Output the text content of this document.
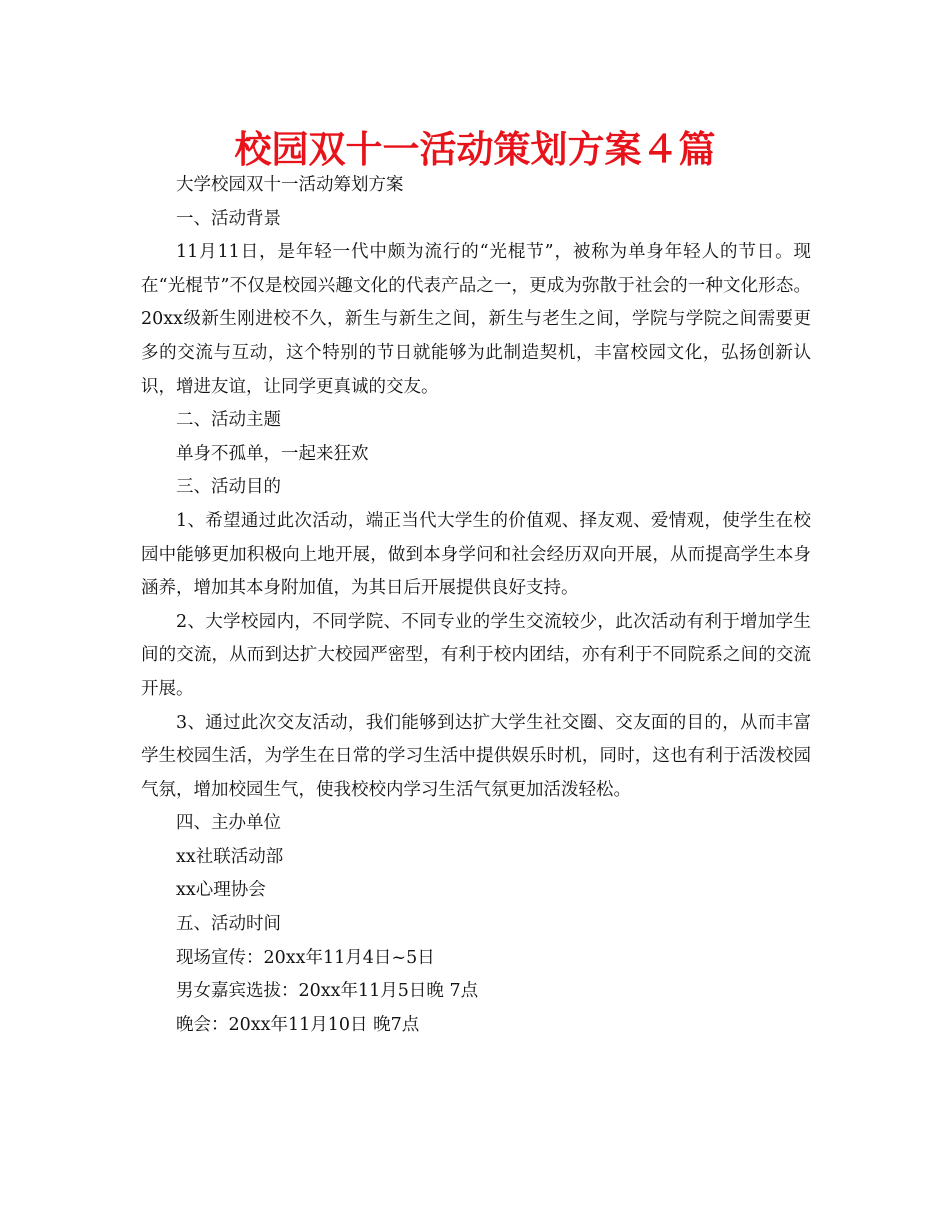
校园双十一活动策划方案４篇

大学校园双十一活动筹划方案

一、活动背景

11月11日，是年轻一代中颇为流行的“光棍节”，被称为单身年轻人的节日。现在“光棍节”不仅是校园兴趣文化的代表产品之一，更成为弥散于社会的一种文化形态。20xx级新生刚进校不久，新生与新生之间，新生与老生之间，学院与学院之间需要更多的交流与互动，这个特别的节日就能够为此制造契机，丰富校园文化，弘扬创新认识，增进友谊，让同学更真诚的交友。

二、活动主题

单身不孤单，一起来狂欢

三、活动目的

1、希望通过此次活动，端正当代大学生的价值观、择友观、爱情观，使学生在校园中能够更加积极向上地开展，做到本身学问和社会经历双向开展，从而提高学生本身涵养，增加其本身附加值，为其日后开展提供良好支持。

2、大学校园内，不同学院、不同专业的学生交流较少，此次活动有利于增加学生间的交流，从而到达扩大校园严密型，有利于校内团结，亦有利于不同院系之间的交流开展。

3、通过此次交友活动，我们能够到达扩大学生社交圈、交友面的目的，从而丰富学生校园生活，为学生在日常的学习生活中提供娱乐时机，同时，这也有利于活泼校园气氛，增加校园生气，使我校校内学习生活气氛更加活泼轻松。

四、主办单位

xx社联活动部

xx心理协会

五、活动时间

现场宣传：20xx年11月4日~5日

男女嘉宾选拔：20xx年11月5日晚 7点

晚会：20xx年11月10日 晚7点
